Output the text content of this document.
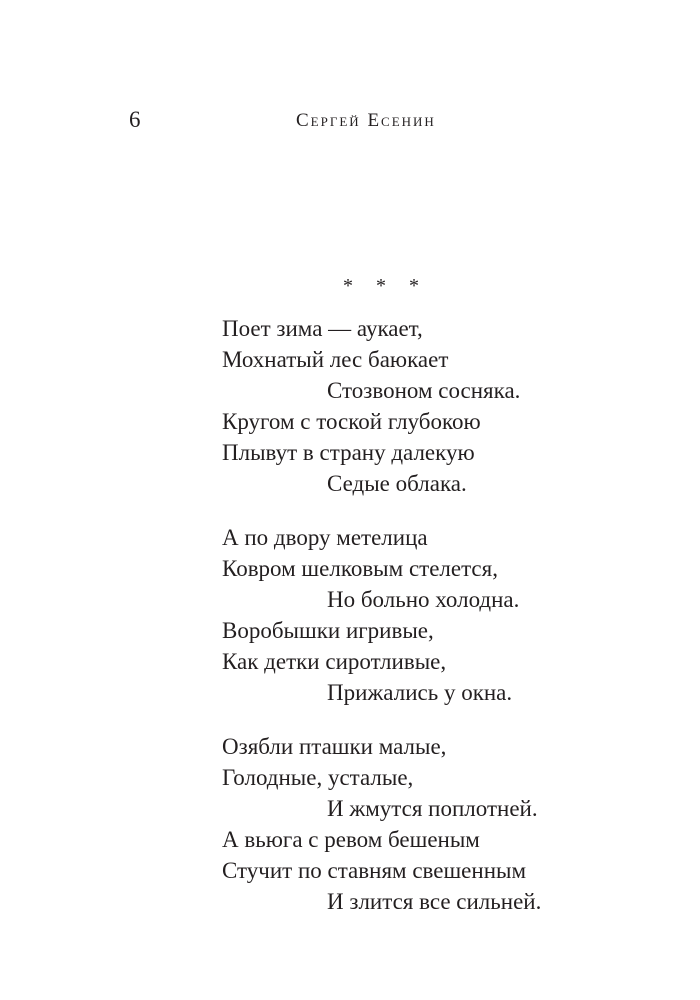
6	Сергей Есенин
* * *
Поет зима — аукает,
Мохнатый лес баюкает
Стозвоном сосняка.
Кругом с тоской глубокою
Плывут в страну далекую
Седые облака.
А по двору метелица
Ковром шелковым стелется,
Но больно холодна.
Воробышки игривые,
Как детки сиротливые,
Прижались у окна.
Озябли пташки малые,
Голодные, усталые,
И жмутся поплотней.
А вьюга с ревом бешеным
Стучит по ставням свешенным
И злится все сильней.
